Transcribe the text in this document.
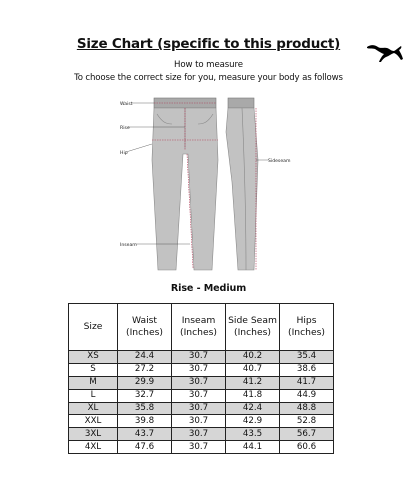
Size Chart (specific to this product)
How to measure
To choose the correct size for you, measure your body as follows
Waist
Rise
Hip
Inseam
Sideseam
Rise - Medium
Size	Waist (Inches)	Inseam (Inches)	Side Seam (Inches)	Hips (Inches)
XS	24.4	30.7	40.2	35.4
S	27.2	30.7	40.7	38.6
M	29.9	30.7	41.2	41.7
L	32.7	30.7	41.8	44.9
XL	35.8	30.7	42.4	48.8
XXL	39.8	30.7	42.9	52.8
3XL	43.7	30.7	43.5	56.7
4XL	47.6	30.7	44.1	60.6
